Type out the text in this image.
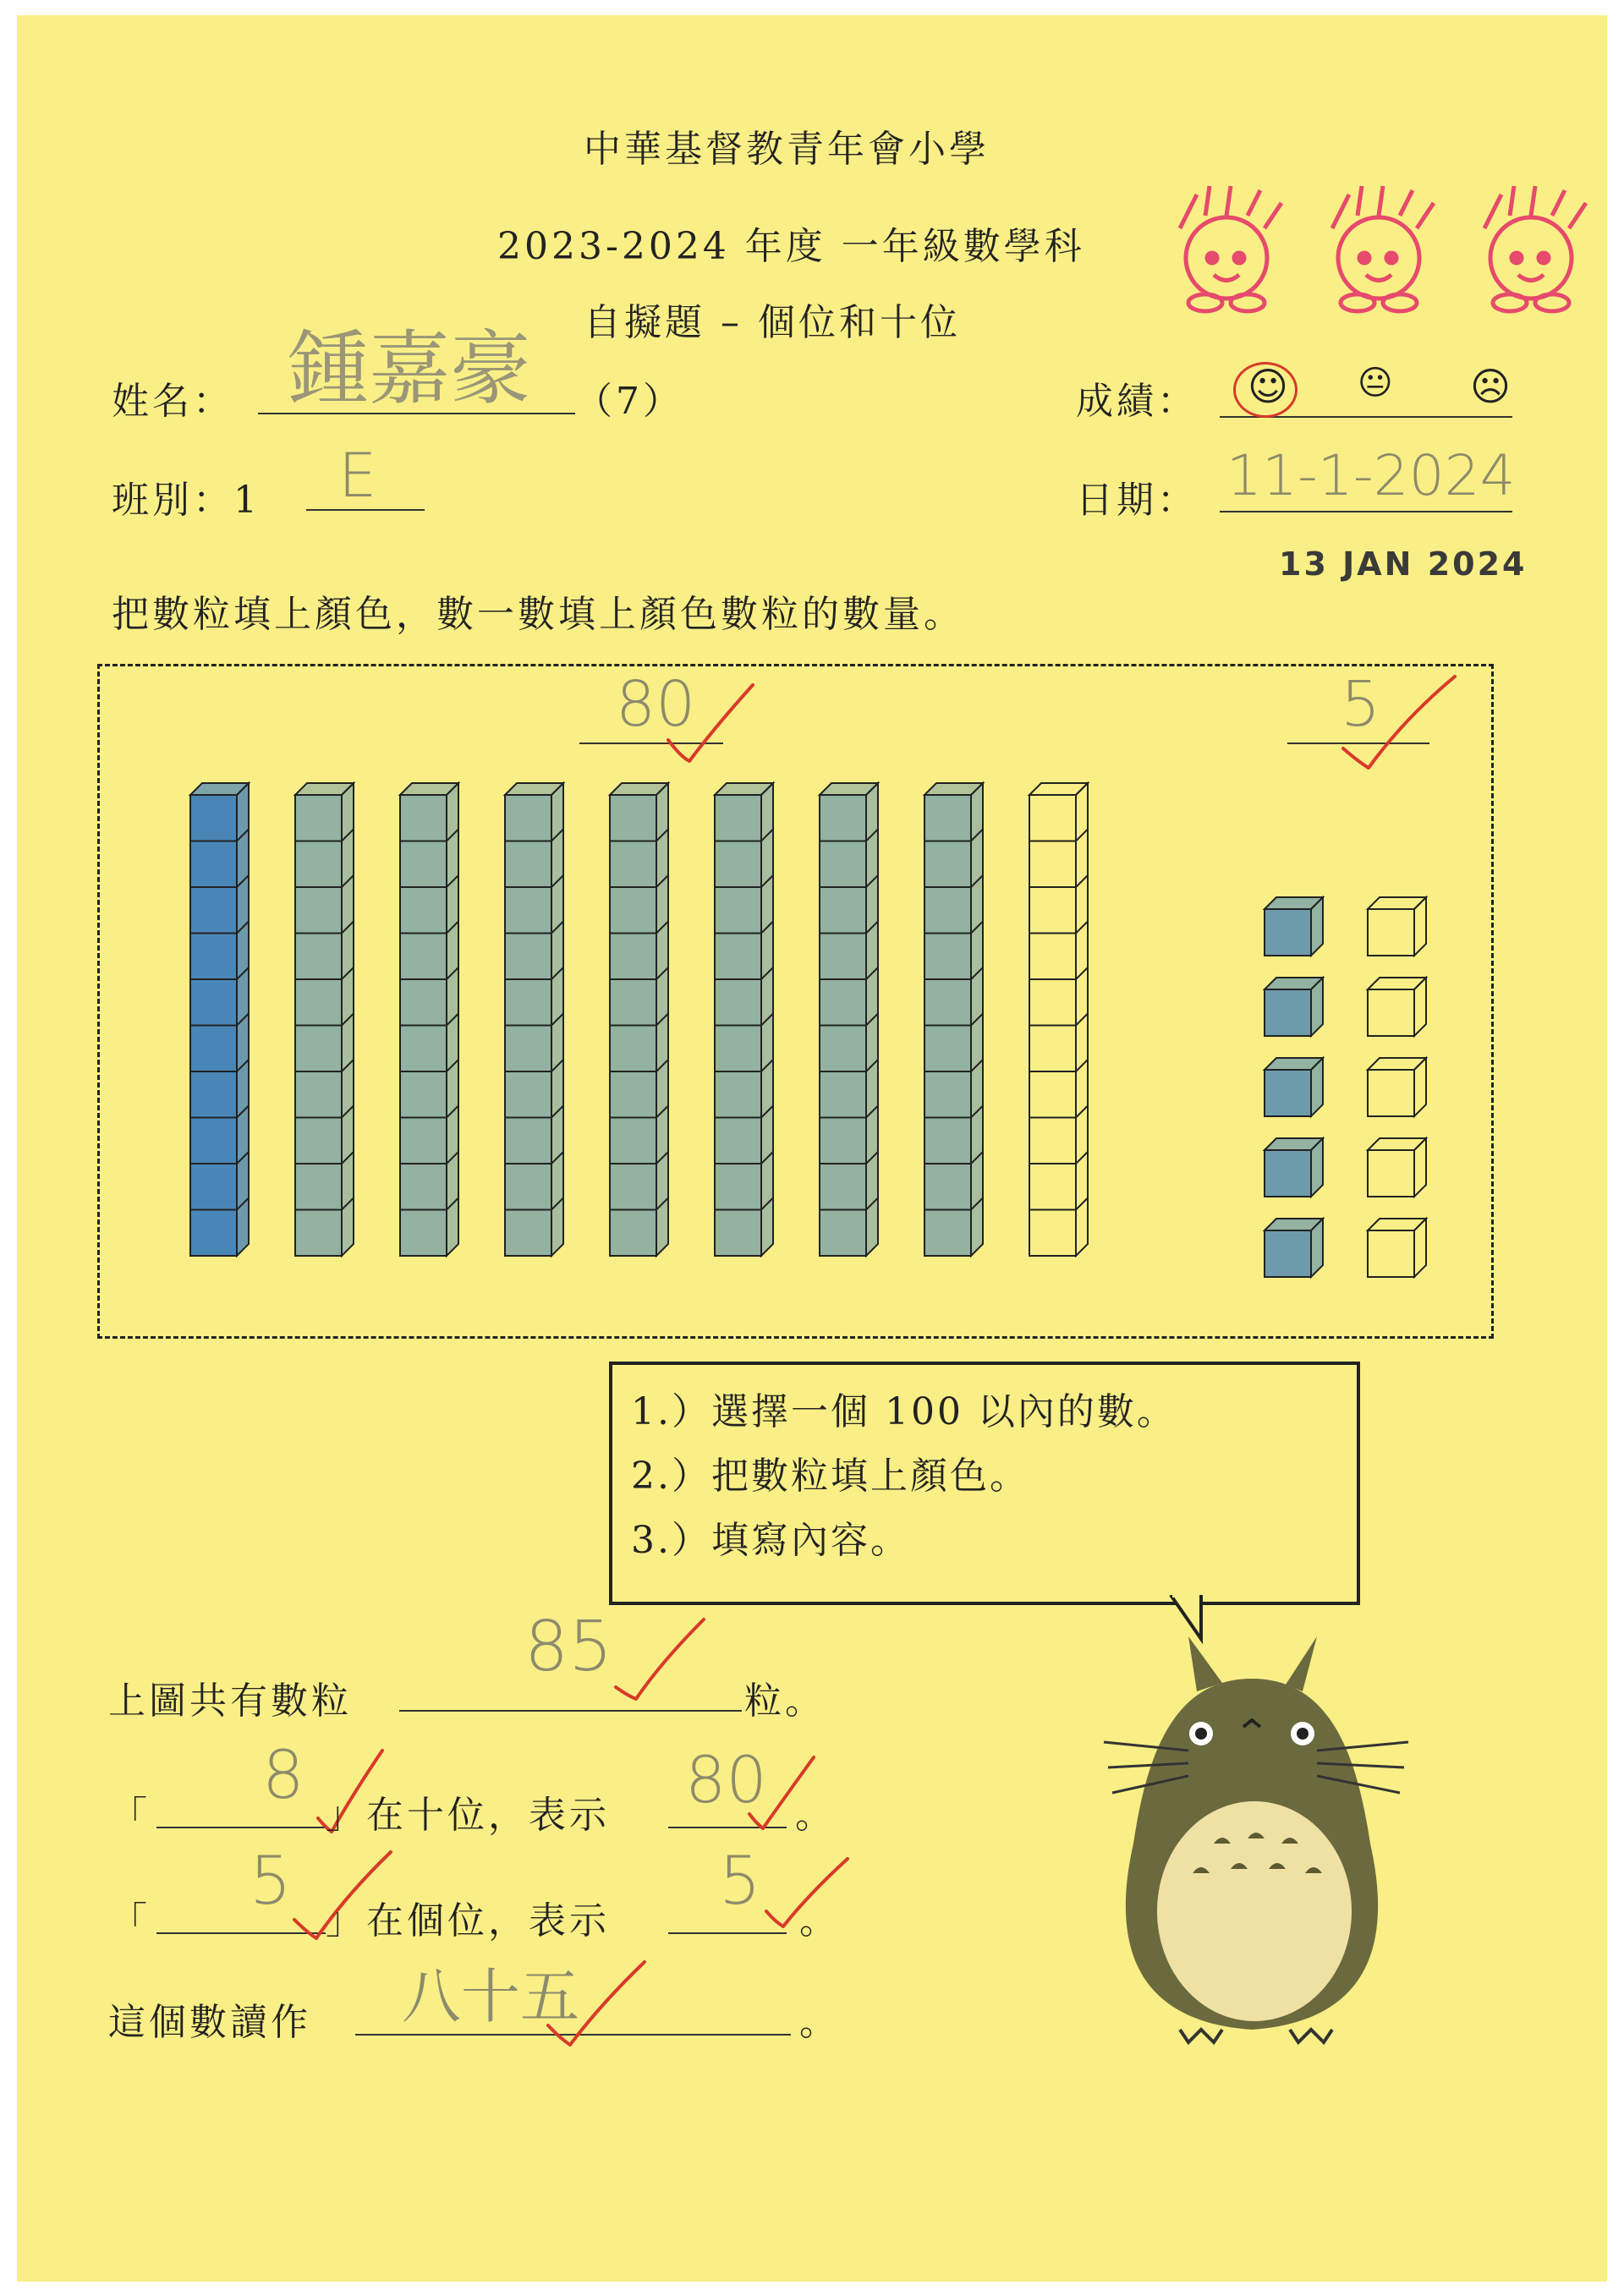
中華基督教青年會小學
2023-2024 年度 一年級數學科
自擬題 – 個位和十位
姓名： 鍾嘉豪 （7）	成績： ☺ 😐 ☹
班別：1 E	日期： 11-1-2024
13 JAN 2024
把數粒填上顏色，數一數填上顏色數粒的數量。
80	5
1.）選擇一個 100 以內的數。
2.）把數粒填上顏色。
3.）填寫內容。
上圖共有數粒
85
粒。
「
8
」在十位，表示 80 。
「
5
」在個位，表示
5
。
這個數讀作 八十五	。
